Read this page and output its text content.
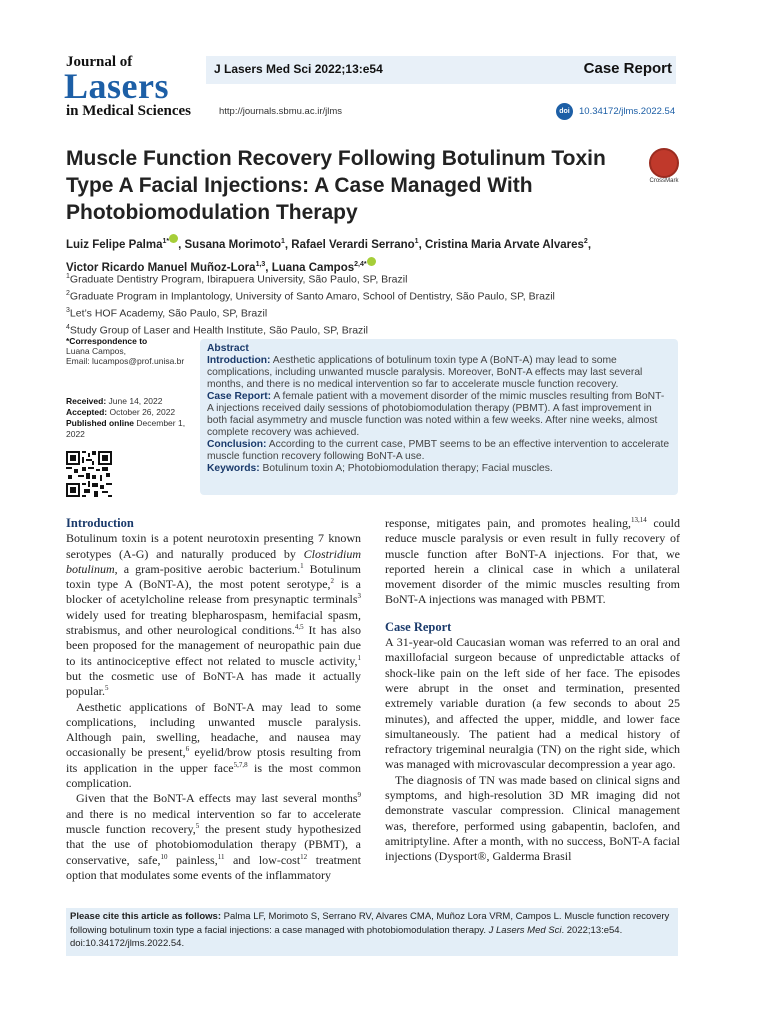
Journal of
Lasers
in Medical Sciences
J Lasers Med Sci 2022;13:e54	Case Report
http://journals.sbmu.ac.ir/jlms	doi 10.34172/jlms.2022.54
Muscle Function Recovery Following Botulinum Toxin Type A Facial Injections: A Case Managed With Photobiomodulation Therapy
CrossMark
Luiz Felipe Palma$^{1*}$ , Susana Morimoto$^1$, Rafael Verardi Serrano$^1$, Cristina Maria Arvate Alvares$^2$,
Victor Ricardo Manuel Muñoz-Lora$^{1,3}$, Luana Campos$^{2,4*}$
$^1$Graduate Dentistry Program, Ibirapuera University, São Paulo, SP, Brazil
$^2$Graduate Program in Implantology, University of Santo Amaro, School of Dentistry, São Paulo, SP, Brazil
$^3$Let’s HOF Academy, São Paulo, SP, Brazil
$^4$Study Group of Laser and Health Institute, São Paulo, SP, Brazil
*Correspondence to
Luana Campos,
Email: lucampos@prof.unisa.br
Received: June 14, 2022
Accepted: October 26, 2022
Published online December 1, 2022

Abstract

Introduction: Aesthetic applications of botulinum toxin type A (BoNT-A) may lead to some complications, including unwanted muscle paralysis. Moreover, BoNT-A effects may last several months, and there is no medical intervention so far to accelerate muscle function recovery.

Case Report: A female patient with a movement disorder of the mimic muscles resulting from BoNT-A injections received daily sessions of photobiomodulation therapy (PBMT). A fast improvement in both facial asymmetry and muscle function was noted within a few weeks. After nine weeks, almost complete recovery was achieved.

Conclusion: According to the current case, PMBT seems to be an effective intervention to accelerate muscle function recovery following BoNT-A use.

Keywords: Botulinum toxin A; Photobiomodulation therapy; Facial muscles.

Introduction

Botulinum toxin is a potent neurotoxin presenting 7 known serotypes (A-G) and naturally produced by Clostridium botulinum, a gram-positive aerobic bacterium.$^1$ Botulinum toxin type A (BoNT-A), the most potent serotype,$^2$ is a blocker of acetylcholine release from presynaptic terminals$^3$ widely used for treating blepharospasm, hemifacial spasm, strabismus, and other neurological conditions.$^{4,5}$ It has also been proposed for the management of neuropathic pain due to its antinociceptive effect not related to muscle activity,$^1$ but the cosmetic use of BoNT-A has made it actually popular.$^5$

Aesthetic applications of BoNT-A may lead to some complications, including unwanted muscle paralysis. Although pain, swelling, headache, and nausea may occasionally be present,$^6$ eyelid/brow ptosis resulting from its application in the upper face$^{5,7,8}$ is the most common complication.

Given that the BoNT-A effects may last several months$^9$ and there is no medical intervention so far to accelerate muscle function recovery,$^5$ the present study hypothesized that the use of photobiomodulation therapy (PBMT), a conservative, safe,$^{10}$ painless,$^{11}$ and low-cost$^{12}$ treatment option that modulates some events of the inflammatory

response, mitigates pain, and promotes healing,$^{13,14}$ could reduce muscle paralysis or even result in fully recovery of muscle function after BoNT-A injections. For that, we reported herein a clinical case in which a unilateral movement disorder of the mimic muscles resulting from BoNT-A injections was managed with PBMT.

Case Report

A 31-year-old Caucasian woman was referred to an oral and maxillofacial surgeon because of unpredictable attacks of shock-like pain on the left side of her face. The episodes were abrupt in the onset and termination, presented extremely variable duration (a few seconds to about 25 minutes), and affected the upper, middle, and lower face simultaneously. The patient had a medical history of refractory trigeminal neuralgia (TN) on the right side, which was managed with microvascular decompression a year ago.

The diagnosis of TN was made based on clinical signs and symptoms, and high-resolution 3D MR imaging did not demonstrate vascular compression. Clinical management was, therefore, performed using gabapentin, baclofen, and amitriptyline. After a month, with no success, BoNT-A facial injections (Dysport®, Galderma Brasil

Please cite this article as follows: Palma LF, Morimoto S, Serrano RV, Alvares CMA, Muñoz Lora VRM, Campos L. Muscle function recovery following botulinum toxin type a facial injections: a case managed with photobiomodulation therapy. J Lasers Med Sci. 2022;13:e54. doi:10.34172/jlms.2022.54.
